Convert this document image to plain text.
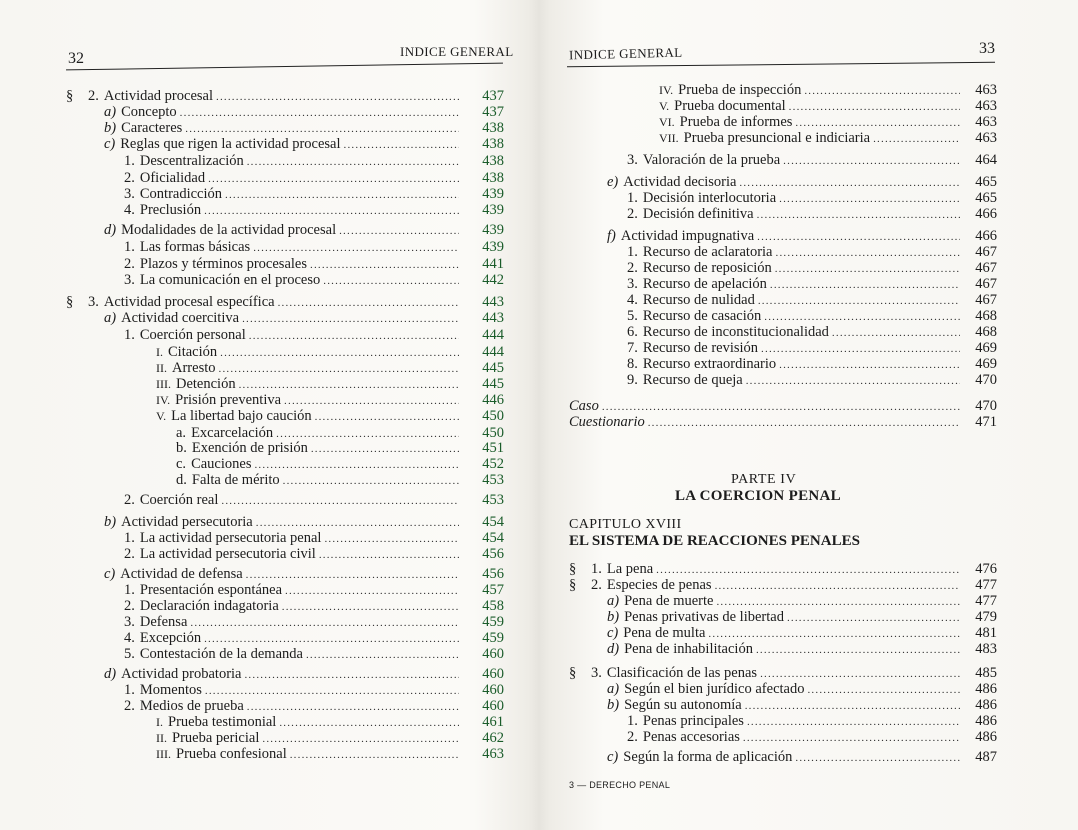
32	INDICE GENERAL
§	2. Actividad procesal .....	437
a) Concepto .....	437
b) Caracteres .....	438
c) Reglas que rigen la actividad procesal .....	438
1. Descentralización .....	438
2. Oficialidad .....	438
3. Contradicción .....	439
4. Preclusión .....	439
d) Modalidades de la actividad procesal .....	439
1. Las formas básicas .....	439
2. Plazos y términos procesales .....	441
3. La comunicación en el proceso .....	442
§	3. Actividad procesal específica .....	443
a) Actividad coercitiva .....	443
1. Coerción personal .....	444
I. Citación .....	444
II. Arresto .....	445
III. Detención .....	445
IV. Prisión preventiva .....	446
V. La libertad bajo caución .....	450
a. Excarcelación .....	450
b. Exención de prisión .....	451
c. Cauciones .....	452
d. Falta de mérito .....	453
2. Coerción real .....	453
b) Actividad persecutoria .....	454
1. La actividad persecutoria penal .....	454
2. La actividad persecutoria civil .....	456
c) Actividad de defensa .....	456
1. Presentación espontánea .....	457
2. Declaración indagatoria .....	458
3. Defensa .....	459
4. Excepción .....	459
5. Contestación de la demanda .....	460
d) Actividad probatoria .....	460
1. Momentos .....	460
2. Medios de prueba .....	460
I. Prueba testimonial .....	461
II. Prueba pericial .....	462
III. Prueba confesional .....	463
INDICE GENERAL	33
IV. Prueba de inspección .....	463
V. Prueba documental .....	463
VI. Prueba de informes .....	463
VII. Prueba presuncional e indiciaria .....	463
3. Valoración de la prueba .....	464
e) Actividad decisoria .....	465
1. Decisión interlocutoria .....	465
2. Decisión definitiva .....	466
f) Actividad impugnativa .....	466
1. Recurso de aclaratoria .....	467
2. Recurso de reposición .....	467
3. Recurso de apelación .....	467
4. Recurso de nulidad .....	467
5. Recurso de casación .....	468
6. Recurso de inconstitucionalidad .....	468
7. Recurso de revisión .....	469
8. Recurso extraordinario .....	469
9. Recurso de queja .....	470
Caso .....	470
Cuestionario .....	471
PARTE IV
LA COERCION PENAL
CAPITULO XVIII
EL SISTEMA DE REACCIONES PENALES
§	1. La pena .....	476
§	2. Especies de penas .....	477
a) Pena de muerte .....	477
b) Penas privativas de libertad .....	479
c) Pena de multa .....	481
d) Pena de inhabilitación .....	483
§	3. Clasificación de las penas .....	485
a) Según el bien jurídico afectado .....	486
b) Según su autonomía .....	486
1. Penas principales .....	486
2. Penas accesorias .....	486
c) Según la forma de aplicación .....	487
3 — DERECHO PENAL
